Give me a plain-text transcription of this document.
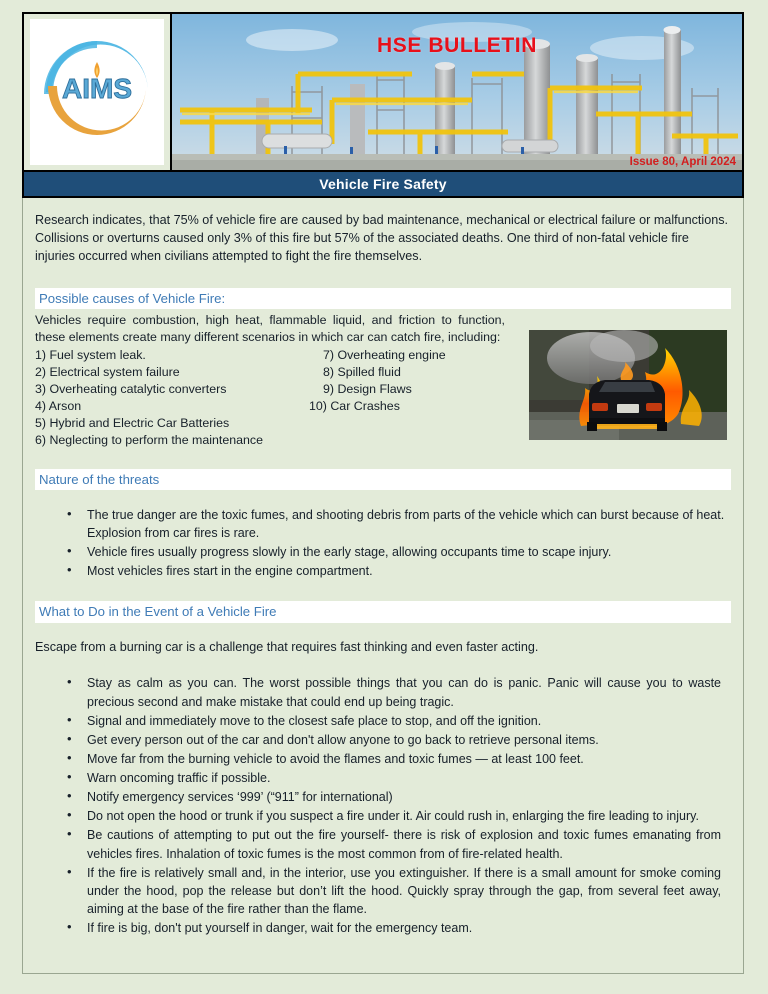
AIMS
HSE BULLETIN
Issue 80, April 2024
Vehicle Fire Safety

Research indicates, that 75% of vehicle fire are caused by bad maintenance, mechanical or electrical failure or malfunctions. Collisions or overturns caused only 3% of this fire but 57% of the associated deaths. One third of non-fatal vehicle fire injuries occurred when civilians attempted to fight the fire themselves.

Possible causes of Vehicle Fire:

Vehicles require combustion, high heat, flammable liquid, and friction to function, these elements create many different scenarios in which car can catch fire, including:

1) Fuel system leak.	7) Overheating engine
2) Electrical system failure	8) Spilled fluid
3) Overheating catalytic converters	9) Design Flaws
4) Arson	10) Car Crashes
5) Hybrid and Electric Car Batteries
6) Neglecting to perform the maintenance
Nature of the threats
• The true danger are the toxic fumes, and shooting debris from parts of the vehicle which can burst because of heat. Explosion from car fires is rare.
• Vehicle fires usually progress slowly in the early stage, allowing occupants time to scape injury.
• Most vehicles fires start in the engine compartment.
What to Do in the Event of a Vehicle Fire

Escape from a burning car is a challenge that requires fast thinking and even faster acting.

• Stay as calm as you can. The worst possible things that you can do is panic. Panic will cause you to waste precious second and make mistake that could end up being tragic.
• Signal and immediately move to the closest safe place to stop, and off the ignition.
• Get every person out of the car and don't allow anyone to go back to retrieve personal items.
• Move far from the burning vehicle to avoid the flames and toxic fumes — at least 100 feet.
• Warn oncoming traffic if possible.
• Notify emergency services ‘999’ (“911” for international)
• Do not open the hood or trunk if you suspect a fire under it. Air could rush in, enlarging the fire leading to injury.
• Be cautions of attempting to put out the fire yourself- there is risk of explosion and toxic fumes emanating from vehicles fires. Inhalation of toxic fumes is the most common from of fire-related health.
• If the fire is relatively small and, in the interior, use you extinguisher. If there is a small amount for smoke coming under the hood, pop the release but don’t lift the hood. Quickly spray through the gap, from several feet away, aiming at the base of the fire rather than the flame.
• If fire is big, don't put yourself in danger, wait for the emergency team.
